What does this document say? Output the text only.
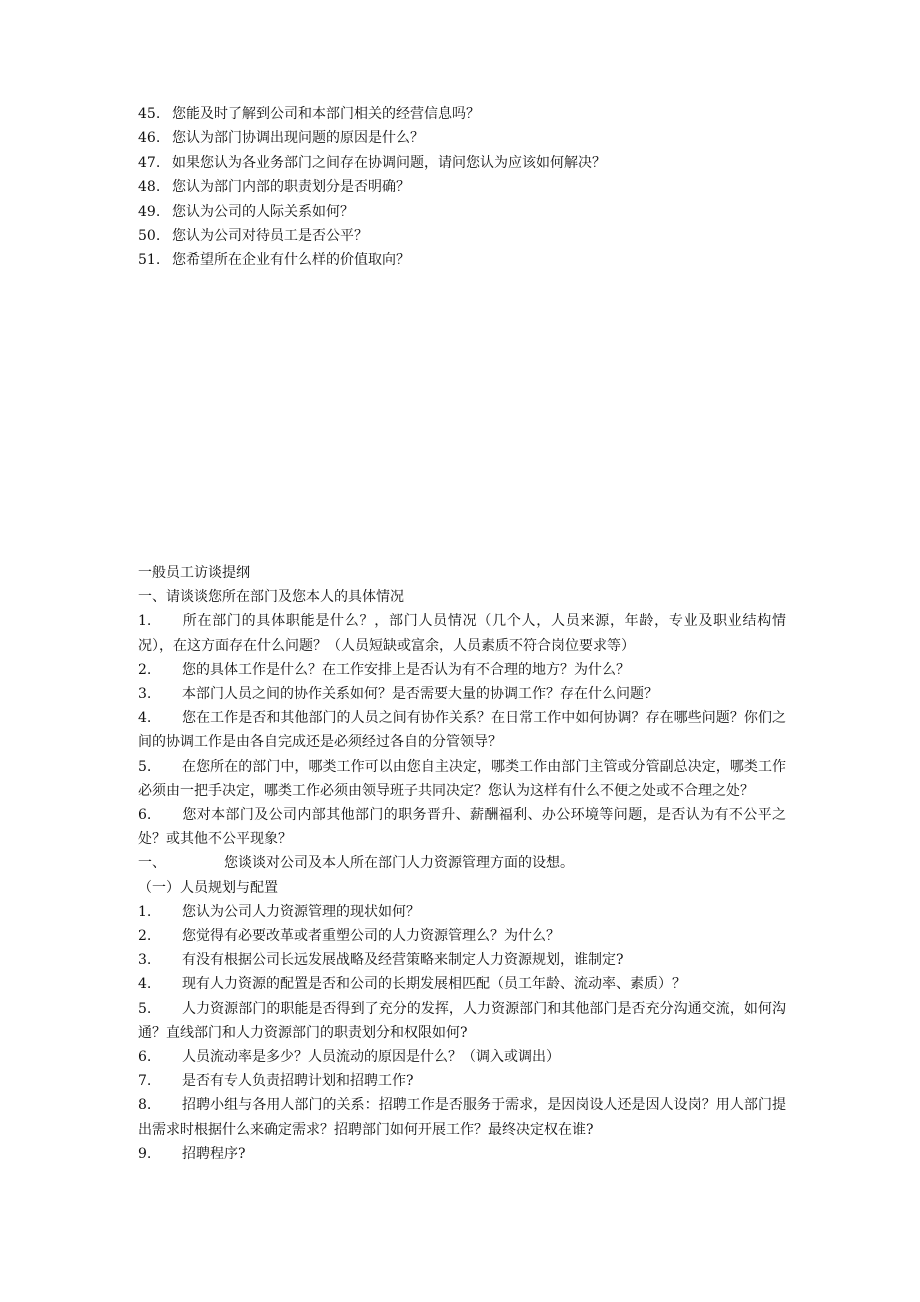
45. 您能及时了解到公司和本部门相关的经营信息吗？
46. 您认为部门协调出现问题的原因是什么？
47. 如果您认为各业务部门之间存在协调问题，请问您认为应该如何解决？
48. 您认为部门内部的职责划分是否明确？
49. 您认为公司的人际关系如何？
50. 您认为公司对待员工是否公平？
51. 您希望所在企业有什么样的价值取向？

一般员工访谈提纲

一、请谈谈您所在部门及您本人的具体情况

1. 所在部门的具体职能是什么？，部门人员情况（几个人，人员来源，年龄，专业及职业结构情况），在这方面存在什么问题？（人员短缺或富余，人员素质不符合岗位要求等）

2. 您的具体工作是什么？在工作安排上是否认为有不合理的地方？为什么？

3. 本部门人员之间的协作关系如何？是否需要大量的协调工作？存在什么问题？

4. 您在工作是否和其他部门的人员之间有协作关系？在日常工作中如何协调？存在哪些问题？你们之间的协调工作是由各自完成还是必须经过各自的分管领导？

5. 在您所在的部门中，哪类工作可以由您自主决定，哪类工作由部门主管或分管副总决定，哪类工作必须由一把手决定，哪类工作必须由领导班子共同决定？您认为这样有什么不便之处或不合理之处？

6. 您对本部门及公司内部其他部门的职务晋升、薪酬福利、办公环境等问题，是否认为有不公平之处？或其他不公平现象？

一、	您谈谈对公司及本人所在部门人力资源管理方面的设想。

（一）人员规划与配置

1. 您认为公司人力资源管理的现状如何？

2. 您觉得有必要改革或者重塑公司的人力资源管理么？为什么？

3. 有没有根据公司长远发展战略及经营策略来制定人力资源规划，谁制定?

4. 现有人力资源的配置是否和公司的长期发展相匹配（员工年龄、流动率、素质）？

5. 人力资源部门的职能是否得到了充分的发挥，人力资源部门和其他部门是否充分沟通交流，如何沟通？直线部门和人力资源部门的职责划分和权限如何?

6. 人员流动率是多少？人员流动的原因是什么？（调入或调出）

7. 是否有专人负责招聘计划和招聘工作?

8. 招聘小组与各用人部门的关系：招聘工作是否服务于需求，是因岗设人还是因人设岗？用人部门提出需求时根据什么来确定需求？招聘部门如何开展工作？最终决定权在谁?

9. 招聘程序?
